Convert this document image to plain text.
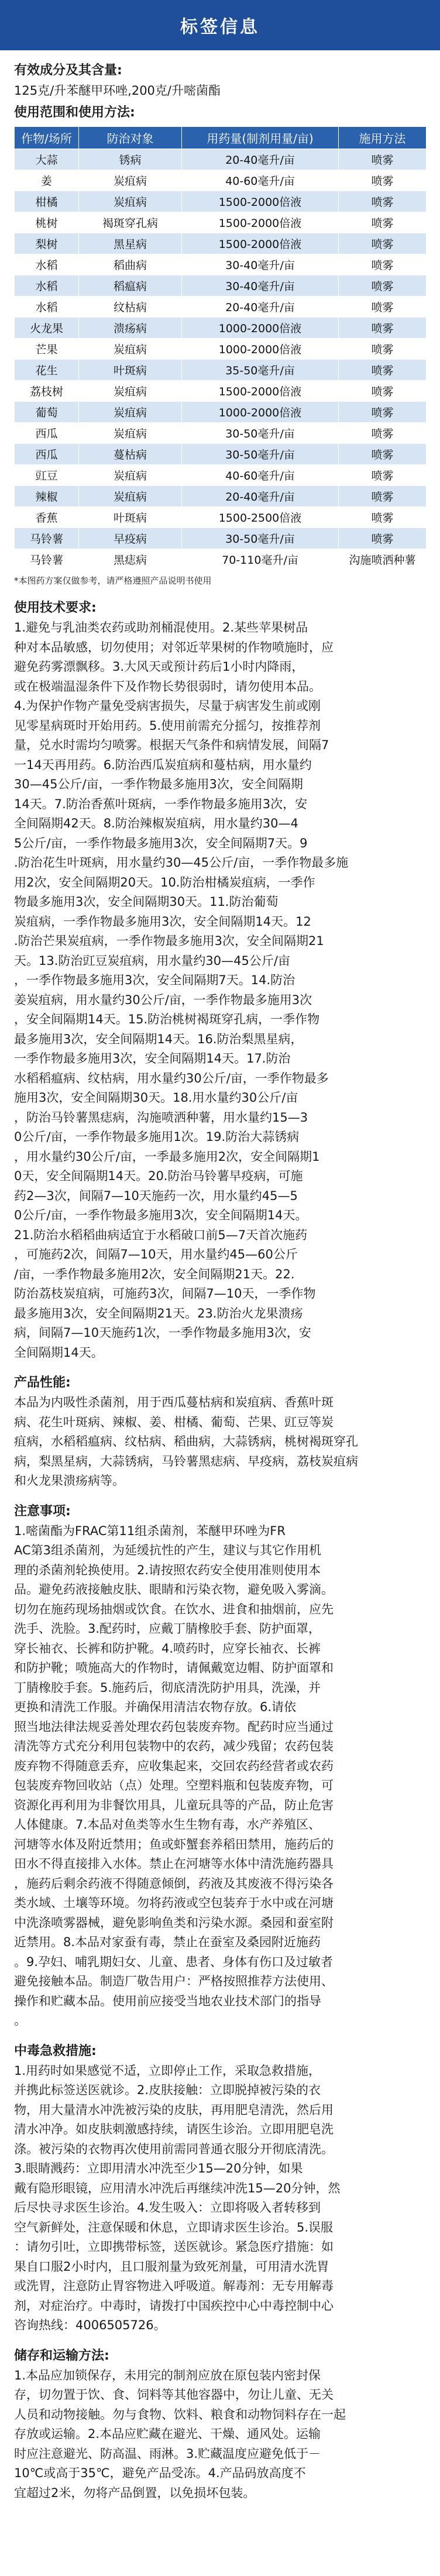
标签信息
有效成分及其含量:
125克/升苯醚甲环唑,200克/升嘧菌酯
使用范围和使用方法:
作物/场所	防治对象	用药量(制剂用量/亩)	施用方法
大蒜	锈病	20-40毫升/亩	喷雾
姜	炭疽病	40-60毫升/亩	喷雾
柑橘	炭疽病	1500-2000倍液	喷雾
桃树	褐斑穿孔病	1500-2000倍液	喷雾
梨树	黑星病	1500-2000倍液	喷雾
水稻	稻曲病	30-40毫升/亩	喷雾
水稻	稻瘟病	30-40毫升/亩	喷雾
水稻	纹枯病	20-40毫升/亩	喷雾
火龙果	溃疡病	1000-2000倍液	喷雾
芒果	炭疽病	1000-2000倍液	喷雾
花生	叶斑病	35-50毫升/亩	喷雾
荔枝树	炭疽病	1500-2000倍液	喷雾
葡萄	炭疽病	1000-2000倍液	喷雾
西瓜	炭疽病	30-50毫升/亩	喷雾
西瓜	蔓枯病	30-50毫升/亩	喷雾
豇豆	炭疽病	40-60毫升/亩	喷雾
辣椒	炭疽病	20-40毫升/亩	喷雾
香蕉	叶斑病	1500-2500倍液	喷雾
马铃薯	早疫病	30-50毫升/亩	喷雾
马铃薯	黑痣病	70-110毫升/亩	沟施喷洒种薯
*本图药方案仅做参考，请严格遵照产品说明书使用
使用技术要求:
1.避免与乳油类农药或助剂桶混使用。2.某些苹果树品
种对本品敏感，切勿使用；对邻近苹果树的作物喷施时，应
避免药雾漂飘移。3.大风天或预计药后1小时内降雨，
或在极端温湿条件下及作物长势很弱时，请勿使用本品。
4.为保护作物产量免受病害损失，尽量于病害发生前或刚
见零星病斑时开始用药。5.使用前需充分摇匀，按推荐剂
量，兑水时需均匀喷雾。根据天气条件和病情发展，间隔7
一14天再用药。6.防治西瓜炭疽病和蔓枯病，用水量约
30—45公斤/亩，一季作物最多施用3次，安全间隔期
14天。7.防治香蕉叶斑病，一季作物最多施用3次，安
全间隔期42天。8.防治辣椒炭疽病，用水量约30—4
5公斤/亩，一季作物最多施用3次，安全间隔期7天。9
.防治花生叶斑病，用水量约30—45公斤/亩，一季作物最多施
用2次，安全间隔期20天。10.防治柑橘炭疽病，一季作
物最多施用3次，安全间隔期30天。11.防治葡萄
炭疽病，一季作物最多施用3次，安全间隔期14天。12
.防治芒果炭疽病，一季作物最多施用3次，安全间隔期21
天。13.防治豇豆炭疽病，用水量约30—45公斤/亩
，一季作物最多施用3次，安全间隔期7天。14.防治
姜炭疽病，用水量约30公斤/亩，一季作物最多施用3次
，安全间隔期14天。15.防治桃树褐斑穿孔病，一季作物
最多施用3次，安全间隔期14天。16.防治梨黑星病，
一季作物最多施用3次，安全间隔期14天。17.防治
水稻稻瘟病、纹枯病，用水量约30公斤/亩，一季作物最多
施用3次，安全间隔期30天。18.用水量约30公斤/亩
，防治马铃薯黑痣病，沟施喷洒种薯，用水量约15—3
0公斤/亩，一季作物最多施用1次。19.防治大蒜锈病
，用水量约30公斤/亩，一季最多施用2次，安全间隔期1
0天，安全间隔期14天。20.防治马铃薯早疫病，可施
药2—3次，间隔7—10天施药一次，用水量约45—5
0公斤/亩，一季作物最多施用3次，安全间隔期14天。
21.防治水稻稻曲病适宜于水稻破口前5—7天首次施药
，可施药2次，间隔7—10天，用水量约45—60公斤
/亩，一季作物最多施用2次，安全间隔期21天。22.
防治荔枝炭疽病，可施药3次，间隔7—10天，一季作物
最多施用3次，安全间隔期21天。23.防治火龙果溃疡
病，间隔7—10天施药1次，一季作物最多施用3次，安
全间隔期14天。
产品性能:
本品为内吸性杀菌剂，用于西瓜蔓枯病和炭疽病、香蕉叶斑
病、花生叶斑病、辣椒、姜、柑橘、葡萄、芒果、豇豆等炭
疽病，水稻稻瘟病、纹枯病、稻曲病，大蒜锈病，桃树褐斑穿孔
病，梨黑星病，大蒜锈病，马铃薯黑痣病、早疫病，荔枝炭疽病
和火龙果溃疡病等。
注意事项:
1.嘧菌酯为FRAC第11组杀菌剂，苯醚甲环唑为FR
AC第3组杀菌剂，为延缓抗性的产生，建议与其它作用机
理的杀菌剂轮换使用。2.请按照农药安全使用准则使用本
品。避免药液接触皮肤、眼睛和污染衣物，避免吸入雾滴。
切勿在施药现场抽烟或饮食。在饮水、进食和抽烟前，应先
洗手、洗脸。3.配药时，应戴丁腈橡胶手套、防护面罩，
穿长袖衣、长裤和防护靴。4.喷药时，应穿长袖衣、长裤
和防护靴；喷施高大的作物时，请佩戴宽边帽、防护面罩和
丁腈橡胶手套。5.施药后，彻底清洗防护用具，洗澡，并
更换和清洗工作服。并确保用清洁农物存放。6.请依
照当地法律法规妥善处理农药包装废弃物。配药时应当通过
清洗等方式充分利用包装物中的农药，减少残留；农药包装
废弃物不得随意丢弃，应收集起来，交回农药经营者或农药
包装废弃物回收站（点）处理。空塑料瓶和包装废弃物，可
资源化再利用为非餐饮用具，儿童玩具等的产品，防止危害
人体健康。7.本品对鱼类等水生生物有毒，水产养殖区、
河塘等水体及附近禁用；鱼或虾蟹套养稻田禁用，施药后的
田水不得直接排入水体。禁止在河塘等水体中清洗施药器具
，施药后剩余药液不得随意倾倒，药液及其废液不得污染各
类水域、土壤等环境。勿将药液或空包装弃于水中或在河塘
中洗涤喷雾器械，避免影响鱼类和污染水源。桑园和蚕室附
近禁用。8.本品对家蚕有毒，禁止在蚕室及桑园附近施药
。9.孕妇、哺乳期妇女、儿童、患者、身体有伤口及过敏者
避免接触本品。制造厂敬告用户：严格按照推荐方法使用、
操作和贮藏本品。使用前应接受当地农业技术部门的指导
。
中毒急救措施:
1.用药时如果感觉不适，立即停止工作，采取急救措施，
并携此标签送医就诊。2.皮肤接触：立即脱掉被污染的衣
物，用大量清水冲洗被污染的皮肤，再用肥皂清洗，然后用
清水冲净。如皮肤刺激感持续，请医生诊治。立即用肥皂洗
涤。被污染的衣物再次使用前需同普通衣服分开彻底清洗。
3.眼睛溅药：立即用清水冲洗至少15—20分钟，如果
戴有隐形眼镜，应用清水冲洗后再继续冲洗15—20分钟，然
后尽快寻求医生诊治。4.发生吸入：立即将吸入者转移到
空气新鲜处，注意保暖和休息，立即请求医生诊治。5.误服
：请勿引吐，立即携带标签，送医就诊。紧急医疗措施：如
果自口服2小时内，且口服剂量为致死剂量，可用清水洗胃
或洗胃，注意防止胃容物进入呼吸道。解毒剂：无专用解毒
剂，对症治疗。中毒时，请拨打中国疾控中心中毒控制中心
咨询热线：4006505726。
储存和运输方法:
1.本品应加锁保存，未用完的制剂应放在原包装内密封保
存，切勿置于饮、食、饲料等其他容器中，勿让儿童、无关
人员和动物接触。勿与食物、饮料、粮食和动物饲料存在一起
存放或运输。2.本品应贮藏在避光、干燥、通风处。运输
时应注意避光、防高温、雨淋。3.贮藏温度应避免低于－
10℃或高于35℃，避免产品受冻。4.产品码放高度不
宜超过2米，勿将产品倒置，以免损坏包装。
